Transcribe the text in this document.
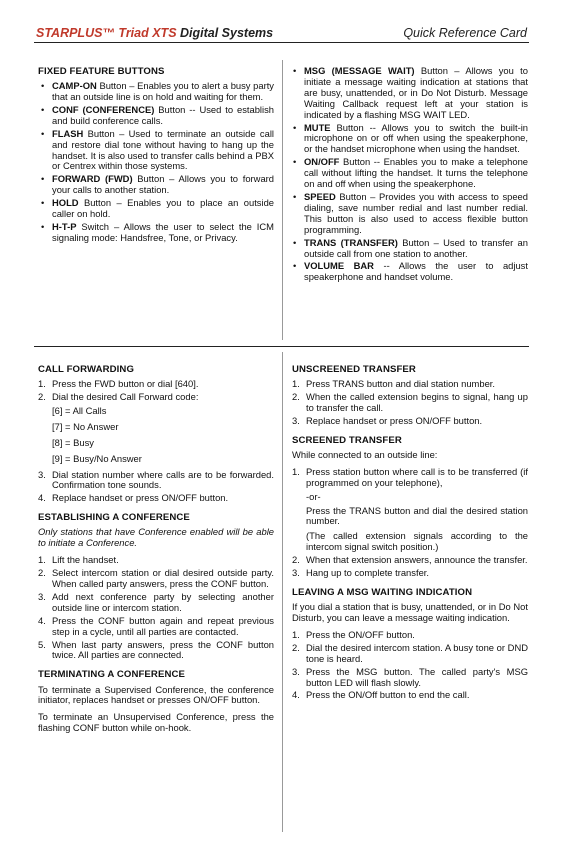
STARPLUS™ Triad XTS Digital Systems	Quick Reference Card
FIXED FEATURE BUTTONS
• CAMP-ON Button – Enables you to alert a busy party that an outside line is on hold and waiting for them.
• CONF (CONFERENCE) Button -- Used to establish and build conference calls.
• FLASH Button – Used to terminate an outside call and restore dial tone without having to hang up the handset. It is also used to transfer calls behind a PBX or Centrex within those systems.
• FORWARD (FWD) Button – Allows you to forward your calls to another station.
• HOLD Button – Enables you to place an outside caller on hold.
• H-T-P Switch – Allows the user to select the ICM signaling mode: Handsfree, Tone, or Privacy.
• MSG (MESSAGE WAIT) Button – Allows you to initiate a message waiting indication at stations that are busy, unattended, or in Do Not Disturb. Message Waiting Callback request left at your station is indicated by a flashing MSG WAIT LED.
• MUTE Button -- Allows you to switch the built-in microphone on or off when using the speakerphone, or the handset microphone when using the handset.
• ON/OFF Button -- Enables you to make a telephone call without lifting the handset. It turns the telephone on and off when using the speakerphone.
• SPEED Button – Provides you with access to speed dialing, save number redial and last number redial. This button is also used to access flexible button programming.
• TRANS (TRANSFER) Button – Used to transfer an outside call from one station to another.
• VOLUME BAR -- Allows the user to adjust speakerphone and handset volume.
CALL FORWARDING
1. Press the FWD button or dial [640].
2. Dial the desired Call Forward code:
[6] = All Calls
[7] = No Answer
[8] = Busy
[9] = Busy/No Answer
3. Dial station number where calls are to be forwarded. Confirmation tone sounds.
4. Replace handset or press ON/OFF button.
ESTABLISHING A CONFERENCE

Only stations that have Conference enabled will be able to initiate a Conference.

1. Lift the handset.
2. Select intercom station or dial desired outside party. When called party answers, press the CONF button.
3. Add next conference party by selecting another outside line or intercom station.
4. Press the CONF button again and repeat previous step in a cycle, until all parties are contacted.
5. When last party answers, press the CONF button twice. All parties are connected.
TERMINATING A CONFERENCE

To terminate a Supervised Conference, the conference initiator, replaces handset or presses ON/OFF button.

To terminate an Unsupervised Conference, press the flashing CONF button while on-hook.

UNSCREENED TRANSFER
1. Press TRANS button and dial station number.
2. When the called extension begins to signal, hang up to transfer the call.
3. Replace handset or press ON/OFF button.
SCREENED TRANSFER

While connected to an outside line:

1. Press station button where call is to be transferred (if programmed on your telephone),
-or-
Press the TRANS button and dial the desired station number.
(The called extension signals according to the intercom signal switch position.)
2. When that extension answers, announce the transfer.
3. Hang up to complete transfer.
LEAVING A MSG WAITING INDICATION

If you dial a station that is busy, unattended, or in Do Not Disturb, you can leave a message waiting indication.

1. Press the ON/OFF button.
2. Dial the desired intercom station. A busy tone or DND tone is heard.
3. Press the MSG button. The called party's MSG button LED will flash slowly.
4. Press the ON/Off button to end the call.
